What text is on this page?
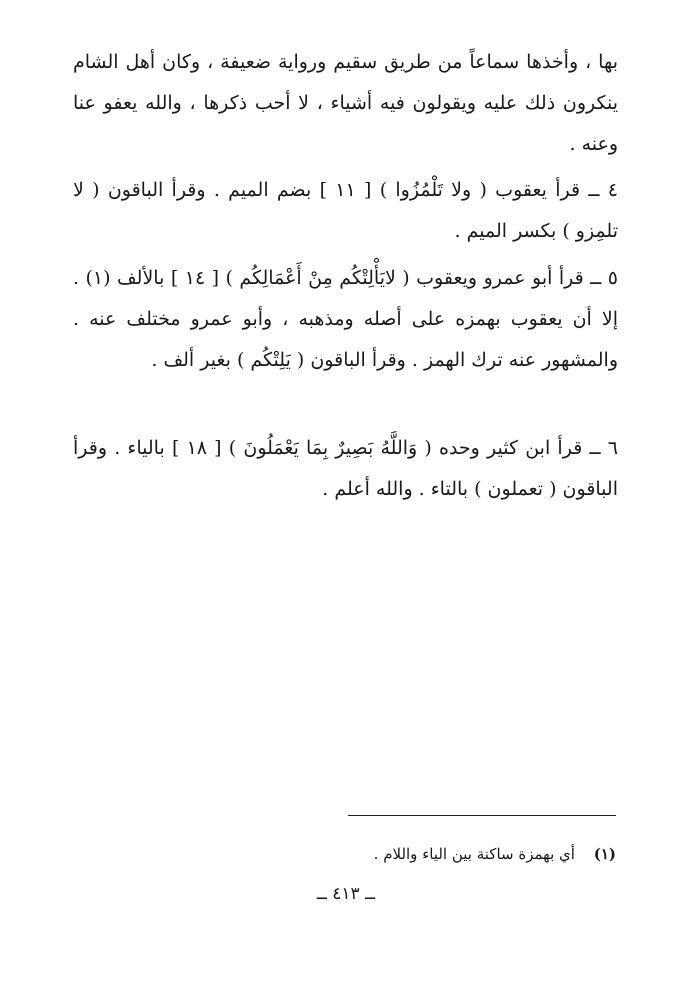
بها ، وأخذها سماعاً من طريق سقيم ورواية ضعيفة ، وكان أهل الشام ينكرون ذلك عليه ويقولون فيه أشياء ، لا أحب ذكرها ، والله يعفو عنا وعنه .

٤ ــ قرأ يعقوب ( ولا تَلْمُزُوا ) [ ١١ ] بضم الميم . وقرأ الباقون ( لا تلمِزو ) بكسر الميم .

٥ ــ قرأ أبو عمرو ويعقوب ( لايَأْلِتْكُم مِنْ أَعْمَالِكُم ) [ ١٤ ] بالألف (١) . إلا أن يعقوب بهمزه على أصله ومذهبه ، وأبو عمرو مختلف عنه . والمشهور عنه ترك الهمز . وقرأ الباقون ( يَلِتْكُم ) بغير ألف .

٦ ــ قرأ ابن كثير وحده ( وَاللَّهُ بَصِيرٌ بِمَا يَعْمَلُونَ ) [ ١٨ ] بالياء . وقرأ الباقون ( تعملون ) بالتاء . والله أعلم .

(١) أي بهمزة ساكنة بين الياء واللام .
ــ ٤١٣ ــ
